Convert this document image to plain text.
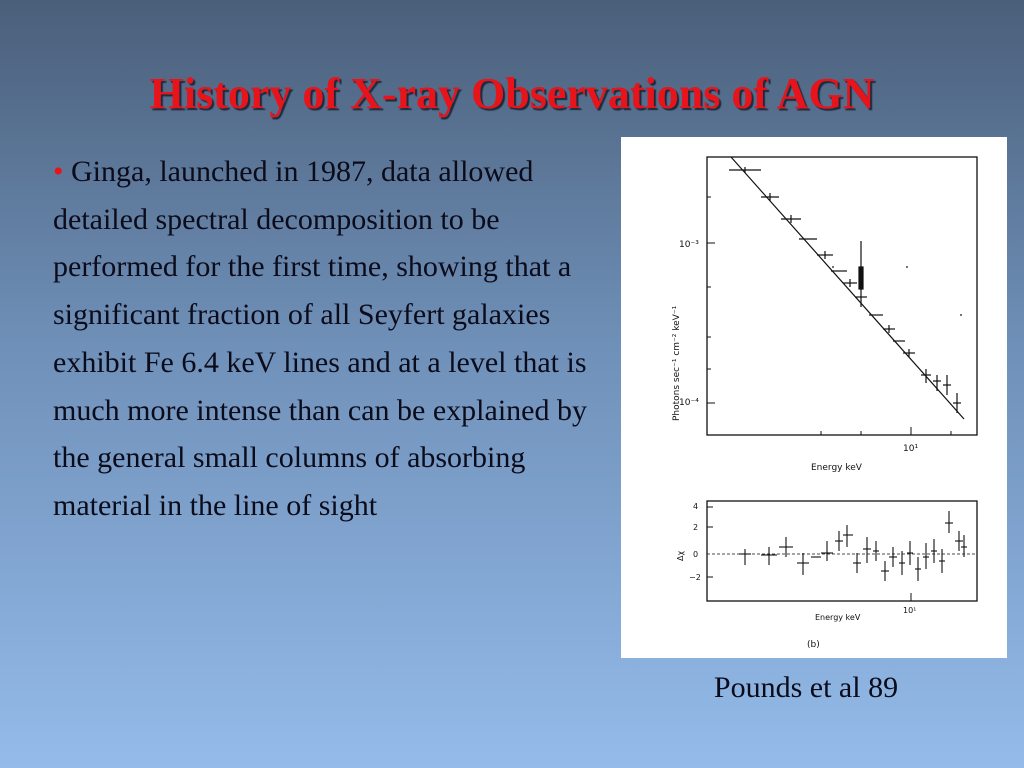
History of X-ray Observations of AGN
• Ginga, launched in 1987, data allowed detailed spectral decomposition to be performed for the first time, showing that a significant fraction of all Seyfert galaxies exhibit Fe 6.4 keV lines and at a level that is much more intense than can be explained by the general small columns of absorbing material in the line of sight
Photons sec⁻¹ cm⁻² keV⁻¹
10⁻³
10⁻⁴
10¹
Energy keV
4
2
0
−2
Δχ
10¹
Energy keV
(b)
Pounds et al 89
